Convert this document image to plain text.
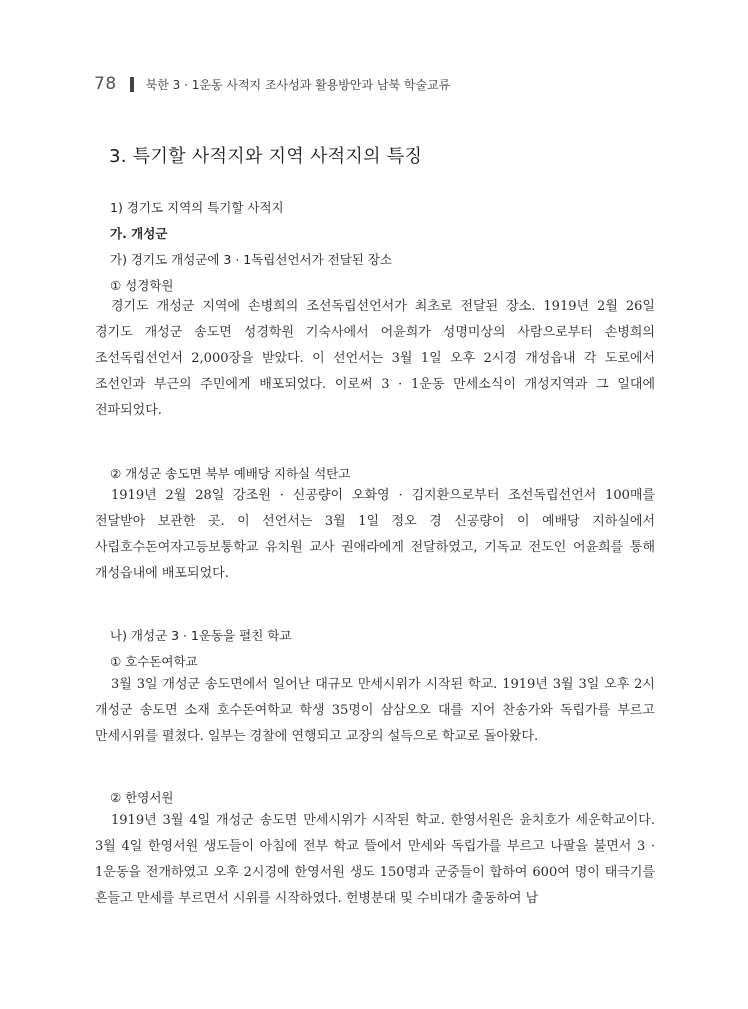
78 북한 3 · 1운동 사적지 조사성과 활용방안과 남북 학술교류
3. 특기할 사적지와 지역 사적지의 특징
1) 경기도 지역의 특기할 사적지
가. 개성군
가) 경기도 개성군에 3 · 1독립선언서가 전달된 장소
① 성경학원

경기도 개성군 지역에 손병희의 조선독립선언서가 최초로 전달된 장소. 1919년 2월 26일 경기도 개성군 송도면 성경학원 기숙사에서 어윤희가 성명미상의 사람으로부터 손병희의 조선독립선언서 2,000장을 받았다. 이 선언서는 3월 1일 오후 2시경 개성읍내 각 도로에서 조선인과 부근의 주민에게 배포되었다. 이로써 3 · 1운동 만세소식이 개성지역과 그 일대에 전파되었다.

② 개성군 송도면 북부 예배당 지하실 석탄고

1919년 2월 28일 강조원 · 신공량이 오화영 · 김지환으로부터 조선독립선언서 100매를 전달받아 보관한 곳. 이 선언서는 3월 1일 정오 경 신공량이 이 예배당 지하실에서 사립호수돈여자고등보통학교 유치원 교사 권애라에게 전달하였고, 기독교 전도인 어윤희를 통해 개성읍내에 배포되었다.

나) 개성군 3 · 1운동을 펼친 학교
① 호수돈여학교

3월 3일 개성군 송도면에서 일어난 대규모 만세시위가 시작된 학교. 1919년 3월 3일 오후 2시 개성군 송도면 소재 호수돈여학교 학생 35명이 삼삼오오 대를 지어 찬송가와 독립가를 부르고 만세시위를 펼쳤다. 일부는 경찰에 연행되고 교장의 설득으로 학교로 돌아왔다.

② 한영서원

1919년 3월 4일 개성군 송도면 만세시위가 시작된 학교. 한영서원은 윤치호가 세운학교이다. 3월 4일 한영서원 생도들이 아침에 전부 학교 뜰에서 만세와 독립가를 부르고 나팔을 불면서 3 · 1운동을 전개하였고 오후 2시경에 한영서원 생도 150명과 군중들이 합하여 600여 명이 태극기를 흔들고 만세를 부르면서 시위를 시작하였다. 헌병분대 및 수비대가 출동하여 남
